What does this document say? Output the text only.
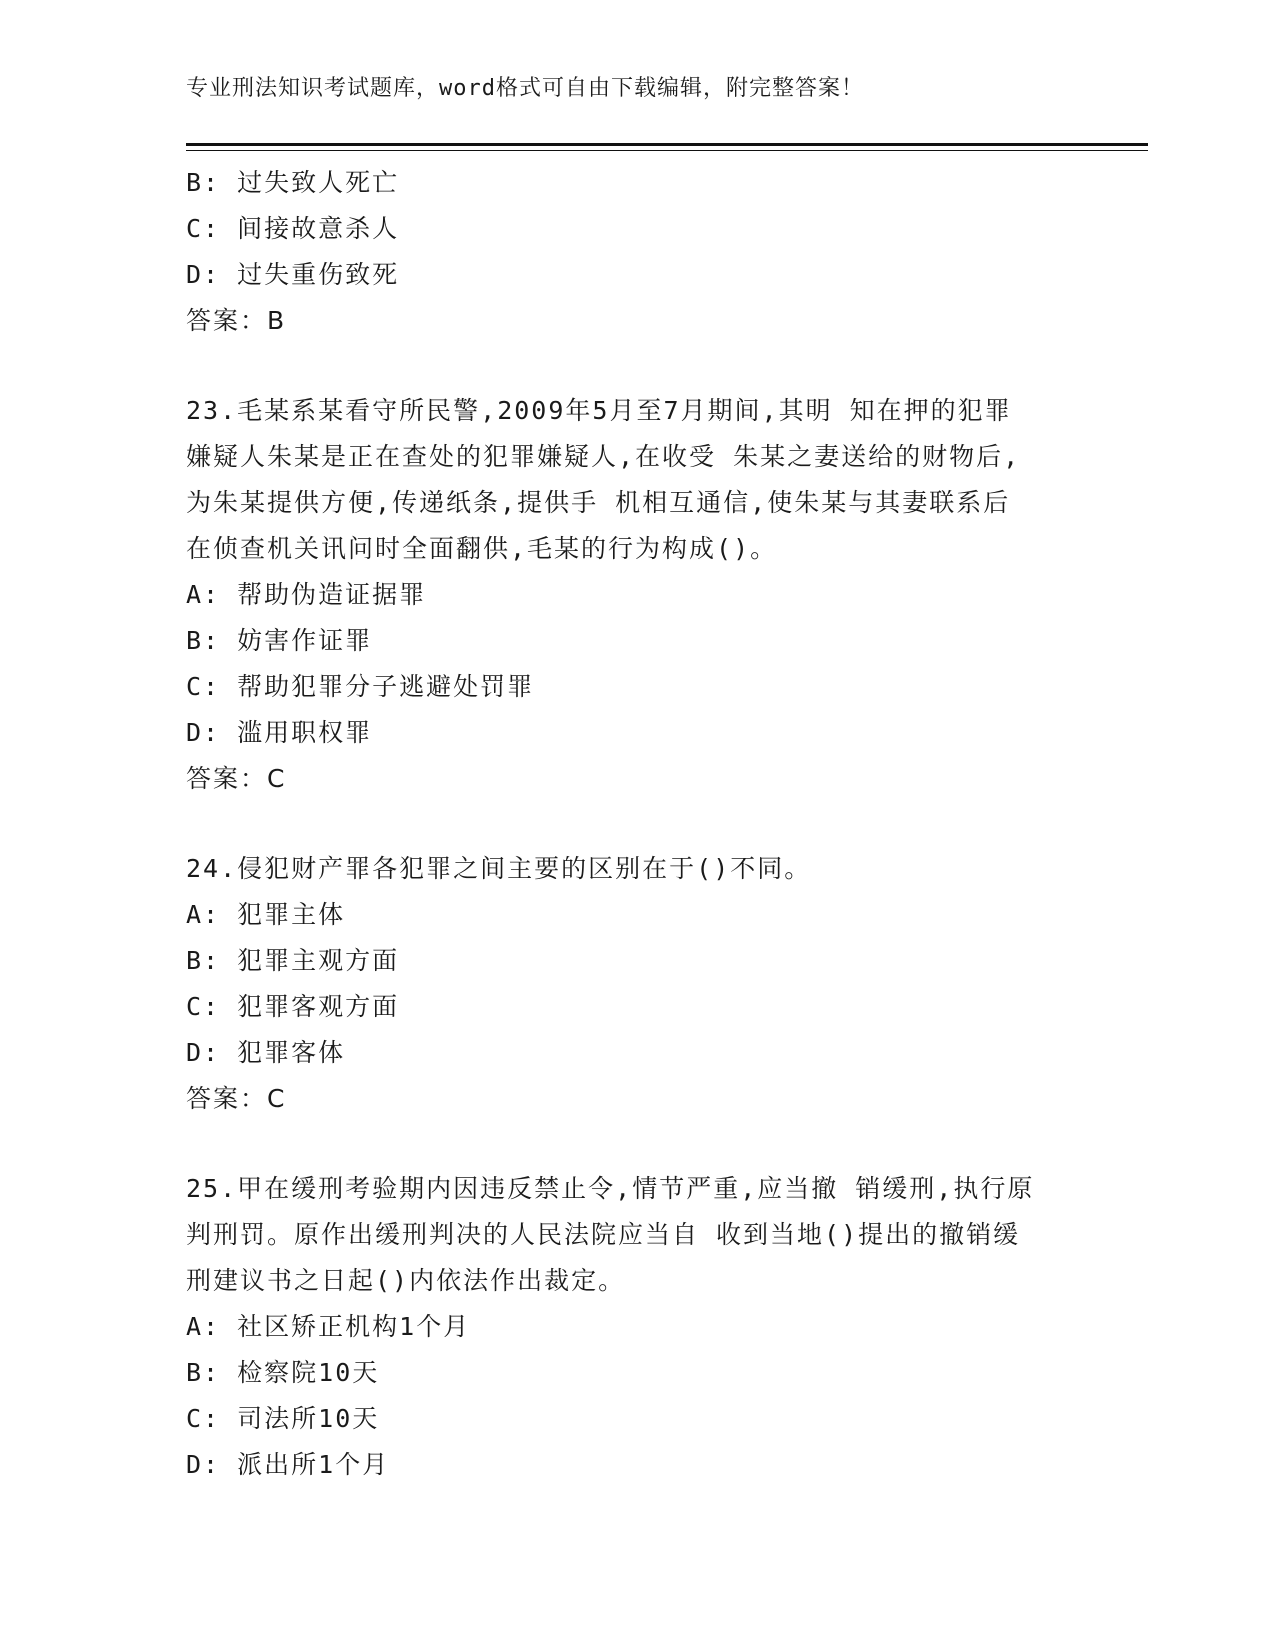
专业刑法知识考试题库，word格式可自由下载编辑，附完整答案！
B: 过失致人死亡
C: 间接故意杀人
D: 过失重伤致死
答案：B
23.毛某系某看守所民警,2009年5月至7月期间,其明 知在押的犯罪
嫌疑人朱某是正在查处的犯罪嫌疑人,在收受 朱某之妻送给的财物后,
为朱某提供方便,传递纸条,提供手 机相互通信,使朱某与其妻联系后
在侦查机关讯问时全面翻供,毛某的行为构成()。
A: 帮助伪造证据罪
B: 妨害作证罪
C: 帮助犯罪分子逃避处罚罪
D: 滥用职权罪
答案：C
24.侵犯财产罪各犯罪之间主要的区别在于()不同。
A: 犯罪主体
B: 犯罪主观方面
C: 犯罪客观方面
D: 犯罪客体
答案：C
25.甲在缓刑考验期内因违反禁止令,情节严重,应当撤 销缓刑,执行原
判刑罚。原作出缓刑判决的人民法院应当自 收到当地()提出的撤销缓
刑建议书之日起()内依法作出裁定。
A: 社区矫正机构1个月
B: 检察院10天
C: 司法所10天
D: 派出所1个月
